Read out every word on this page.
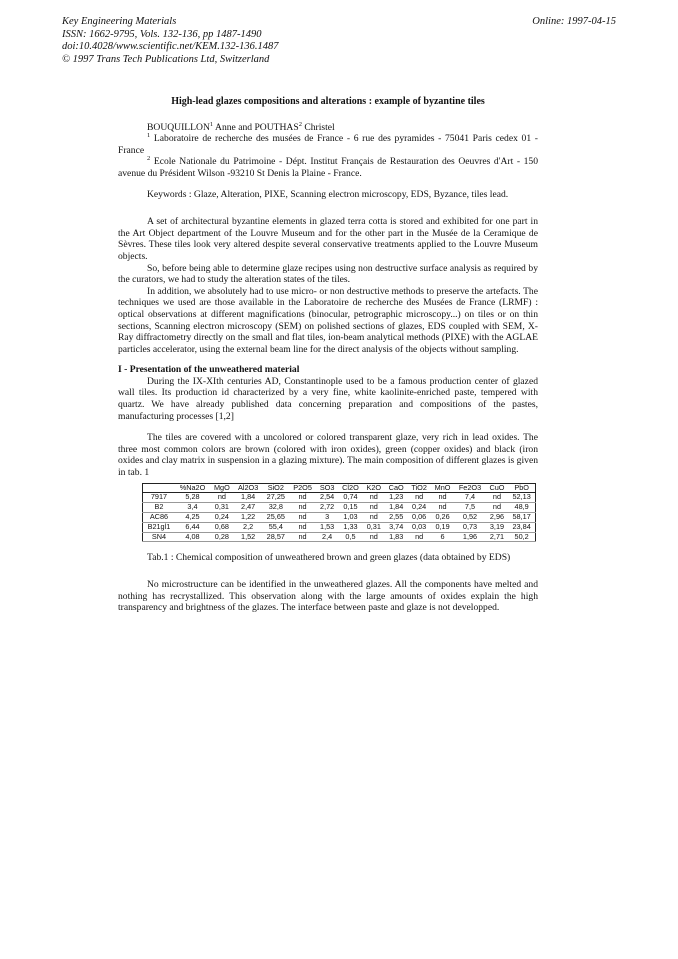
Key Engineering Materials
ISSN: 1662-9795, Vols. 132-136, pp 1487-1490
doi:10.4028/www.scientific.net/KEM.132-136.1487
© 1997 Trans Tech Publications Ltd, Switzerland
Online: 1997-04-15
High-lead glazes compositions and alterations : example of byzantine tiles
BOUQUILLON$^1$ Anne and POUTHAS$^2$ Christel
$^1$ Laboratoire de recherche des musées de France - 6 rue des pyramides - 75041 Paris cedex 01 - France
$^2$ Ecole Nationale du Patrimoine - Dépt. Institut Français de Restauration des Oeuvres d'Art - 150 avenue du Président Wilson -93210 St Denis la Plaine - France.
Keywords : Glaze, Alteration, PIXE, Scanning electron microscopy, EDS, Byzance, tiles lead.

A set of architectural byzantine elements in glazed terra cotta is stored and exhibited for one part in the Art Object department of the Louvre Museum and for the other part in the Musée de la Ceramique de Sèvres. These tiles look very altered despite several conservative treatments applied to the Louvre Museum objects.

So, before being able to determine glaze recipes using non destructive surface analysis as required by the curators, we had to study the alteration states of the tiles.

In addition, we absolutely had to use micro- or non destructive methods to preserve the artefacts. The techniques we used are those available in the Laboratoire de recherche des Musées de France (LRMF) : optical observations at different magnifications (binocular, petrographic microscopy...) on tiles or on thin sections, Scanning electron microscopy (SEM) on polished sections of glazes, EDS coupled with SEM, X-Ray diffractometry directly on the small and flat tiles, ion-beam analytical methods (PIXE) with the AGLAE particles accelerator, using the external beam line for the direct analysis of the objects without sampling.

I - Presentation of the unweathered material

During the IX-XIth centuries AD, Constantinople used to be a famous production center of glazed wall tiles. Its production id characterized by a very fine, white kaolinite-enriched paste, tempered with quartz. We have already published data concerning preparation and compositions of the pastes, manufacturing processes [1,2]

The tiles are covered with a uncolored or colored transparent glaze, very rich in lead oxides. The three most common colors are brown (colored with iron oxides), green (copper oxides) and black (iron oxides and clay matrix in suspension in a glazing mixture). The main composition of different glazes is given in tab. 1

	%Na2O	MgO	Al2O3	SiO2	P2O5	SO3	Cl2O	K2O	CaO	TiO2	MnO	Fe2O3	CuO	PbO
7917	5,28	nd	1,84	27,25	nd	2,54	0,74	nd	1,23	nd	nd	7,4	nd	52,13
B2	3,4	0,31	2,47	32,8	nd	2,72	0,15	nd	1,84	0,24	nd	7,5	nd	48,9
AC86	4,25	0,24	1,22	25,65	nd	3	1,03	nd	2,55	0,06	0,26	0,52	2,96	58,17
B21gl1	6,44	0,68	2,2	55,4	nd	1,53	1,33	0,31	3,74	0,03	0,19	0,73	3,19	23,84
SN4	4,08	0,28	1,52	28,57	nd	2,4	0,5	nd	1,83	nd	6	1,96	2,71	50,2
Tab.1 : Chemical composition of unweathered brown and green glazes (data obtained by EDS)

No microstructure can be identified in the unweathered glazes. All the components have melted and nothing has recrystallized. This observation along with the large amounts of oxides explain the high transparency and brightness of the glazes. The interface between paste and glaze is not developped.
